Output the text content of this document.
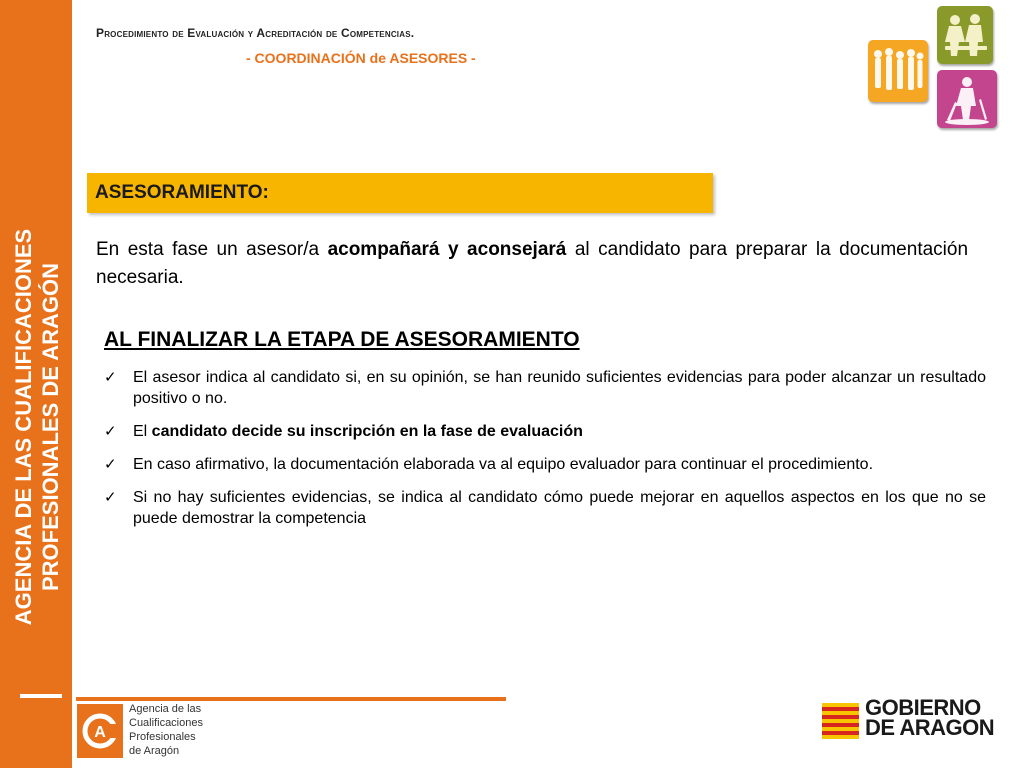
AGENCIA DE LAS CUALIFICACIONES PROFESIONALES DE ARAGÓN
Procedimiento de Evaluación y Acreditación de Competencias.
- COORDINACIÓN de ASESORES -
ASESORAMIENTO:

En esta fase un asesor/a acompañará y aconsejará al candidato para preparar la documentación necesaria.

AL FINALIZAR LA ETAPA DE ASESORAMIENTO
✓ El asesor indica al candidato si, en su opinión, se han reunido suficientes evidencias para poder alcanzar un resultado positivo o no.
✓ El candidato decide su inscripción en la fase de evaluación
✓ En caso afirmativo, la documentación elaborada va al equipo evaluador para continuar el procedimiento.
✓ Si no hay suficientes evidencias, se indica al candidato cómo puede mejorar en aquellos aspectos en los que no se puede demostrar la competencia
A
Agencia de las
Cualificaciones
Profesionales
de Aragón
GOBIERNO
DE ARAGON
